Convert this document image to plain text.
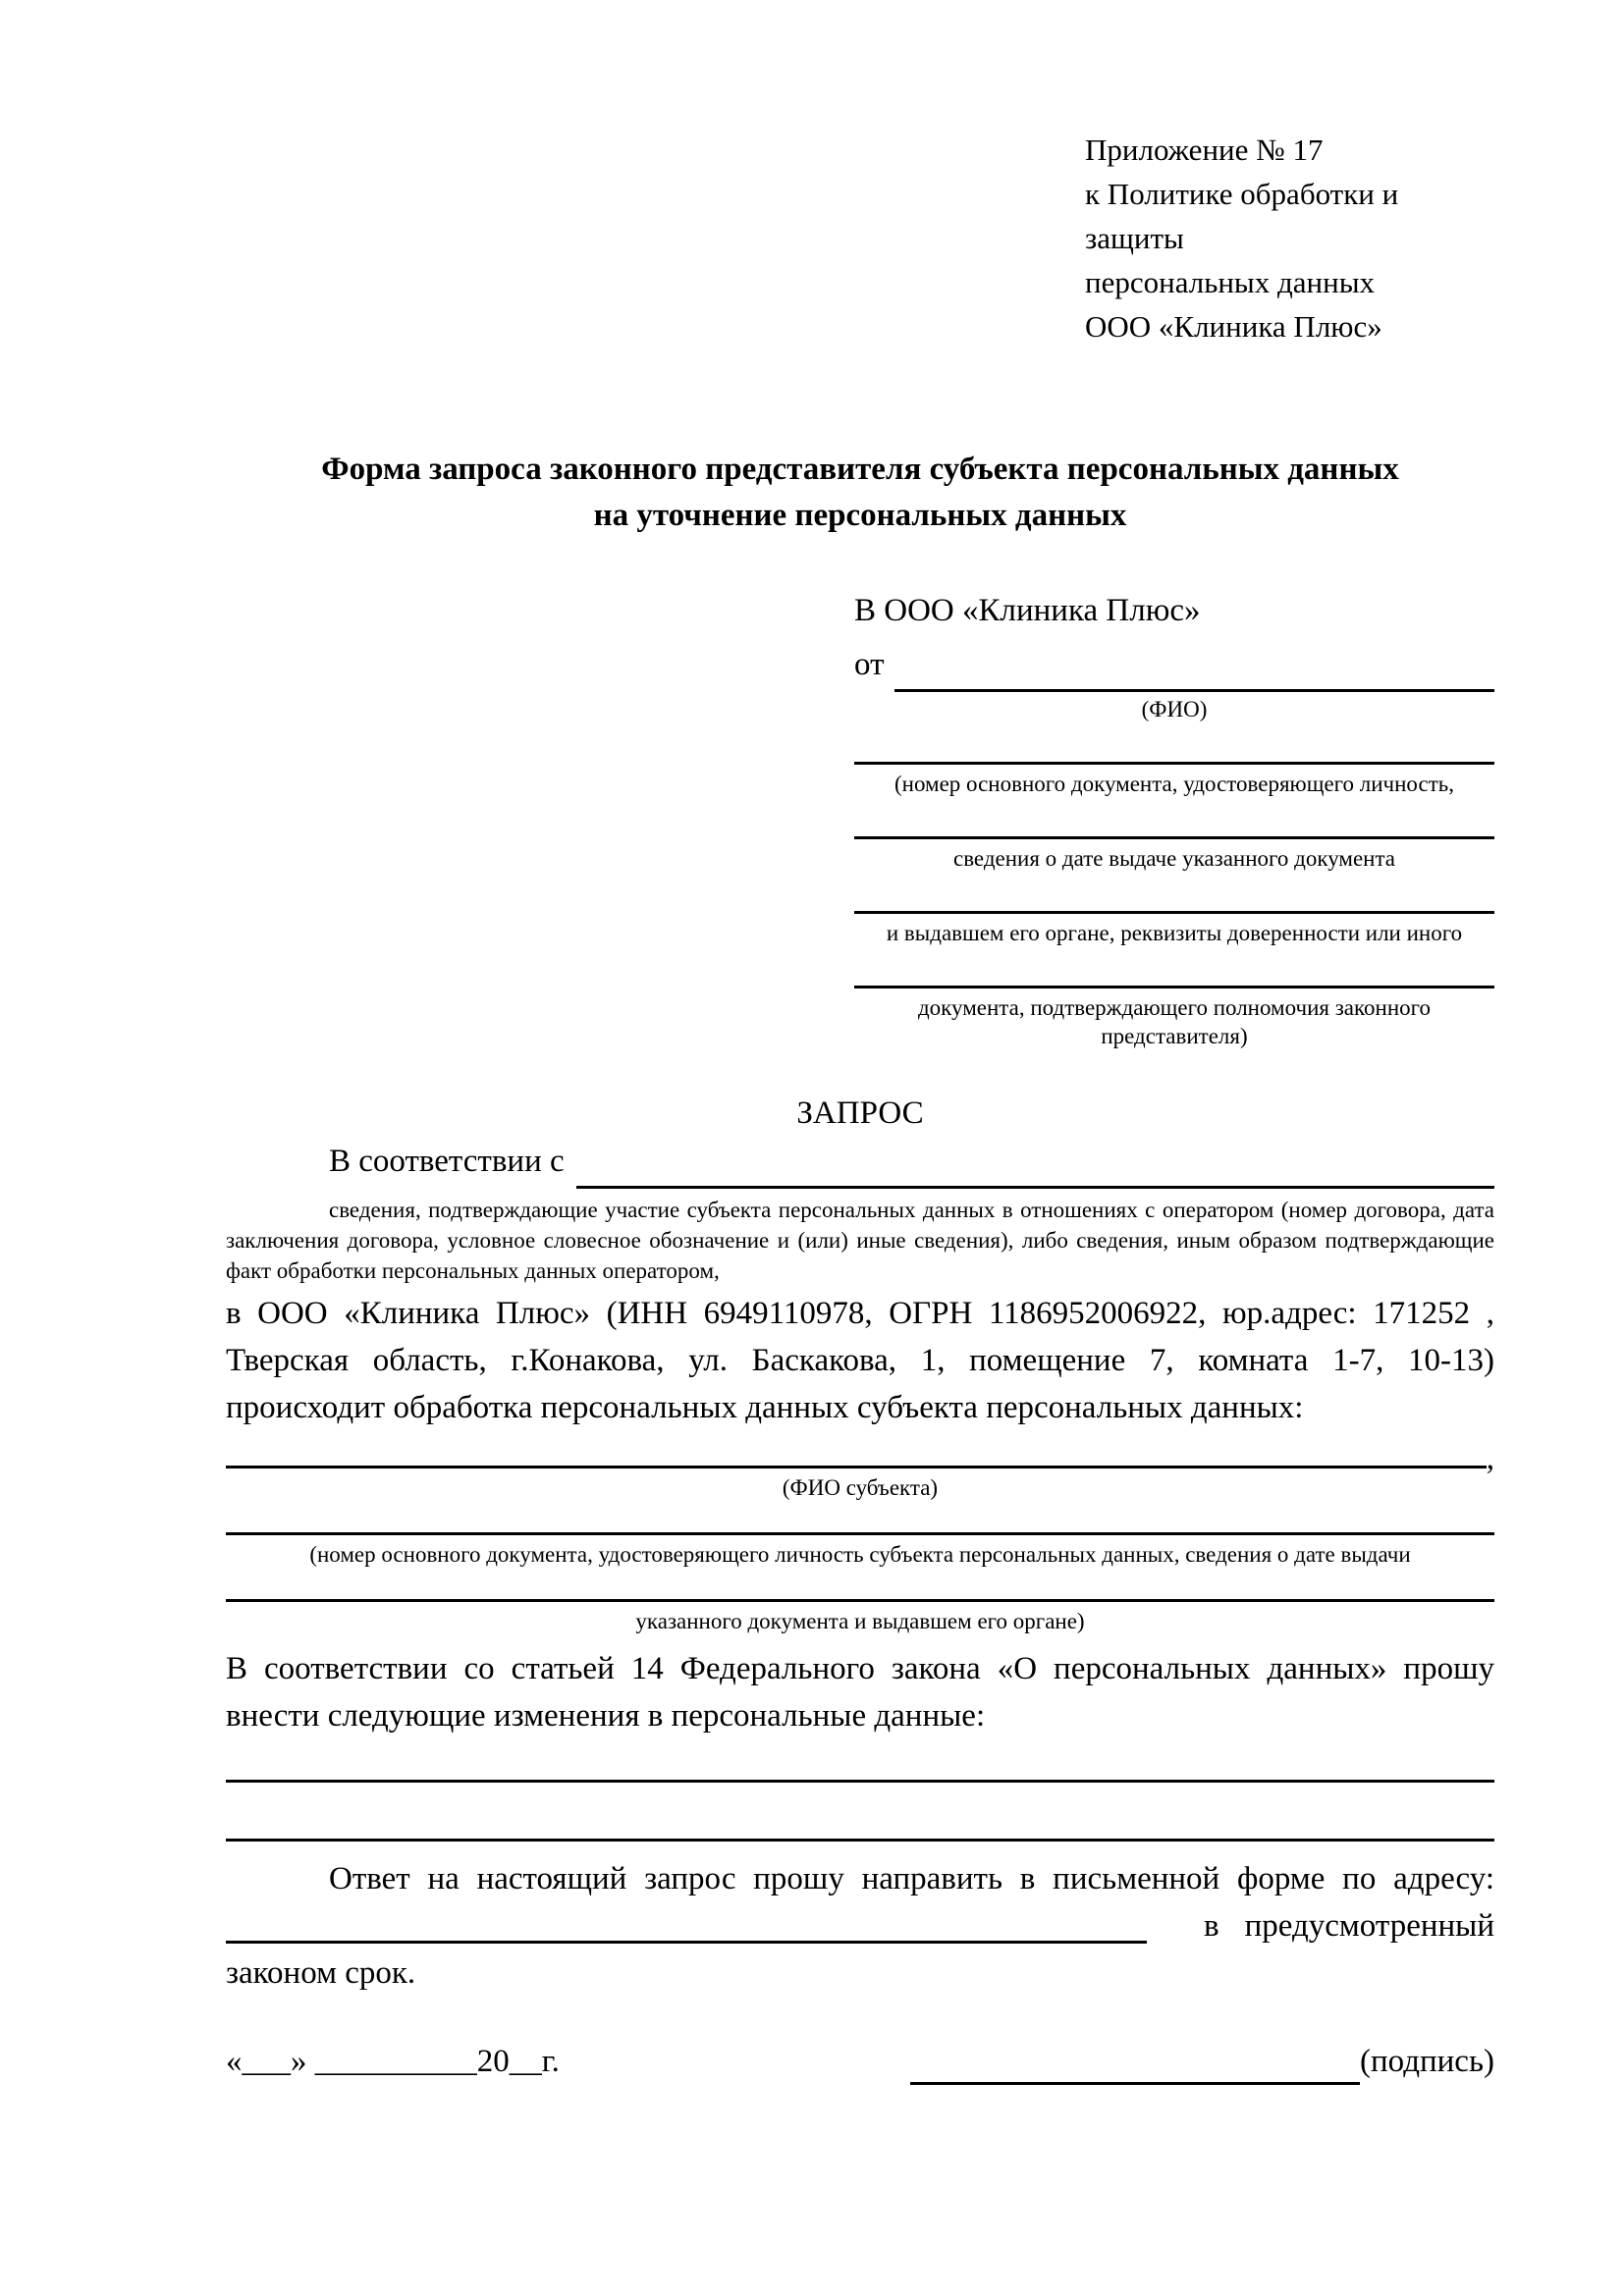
Приложение № 17
к Политике обработки и защиты
персональных данных
ООО «Клиника Плюс»
Форма запроса законного представителя субъекта персональных данных
на уточнение персональных данных
В ООО «Клиника Плюс»
от
(ФИО)
(номер основного документа, удостоверяющего личность,
сведения о дате выдаче указанного документа
и выдавшем его органе, реквизиты доверенности или иного
документа, подтверждающего полномочия законного представителя)
ЗАПРОС
В соответствии с
сведения, подтверждающие участие субъекта персональных данных в отношениях с оператором (номер договора, дата заключения договора, условное словесное обозначение и (или) иные сведения), либо сведения, иным образом подтверждающие факт обработки персональных данных оператором,
в ООО «Клиника Плюс» (ИНН 6949110978, ОГРН 1186952006922, юр.адрес: 171252 , Тверская область, г.Конакова, ул. Баскакова, 1, помещение 7, комната 1-7, 10-13) происходит обработка персональных данных субъекта персональных данных:
,
(ФИО субъекта)
(номер основного документа, удостоверяющего личность субъекта персональных данных, сведения о дате выдачи
указанного документа и выдавшем его органе)
В соответствии со статьей 14 Федерального закона «О персональных данных» прошу внести следующие изменения в персональные данные:
Ответ на настоящий запрос прошу направить в письменной форме по адресу:
в предусмотренный
законом срок.
«___» __________20__г.	(подпись)
